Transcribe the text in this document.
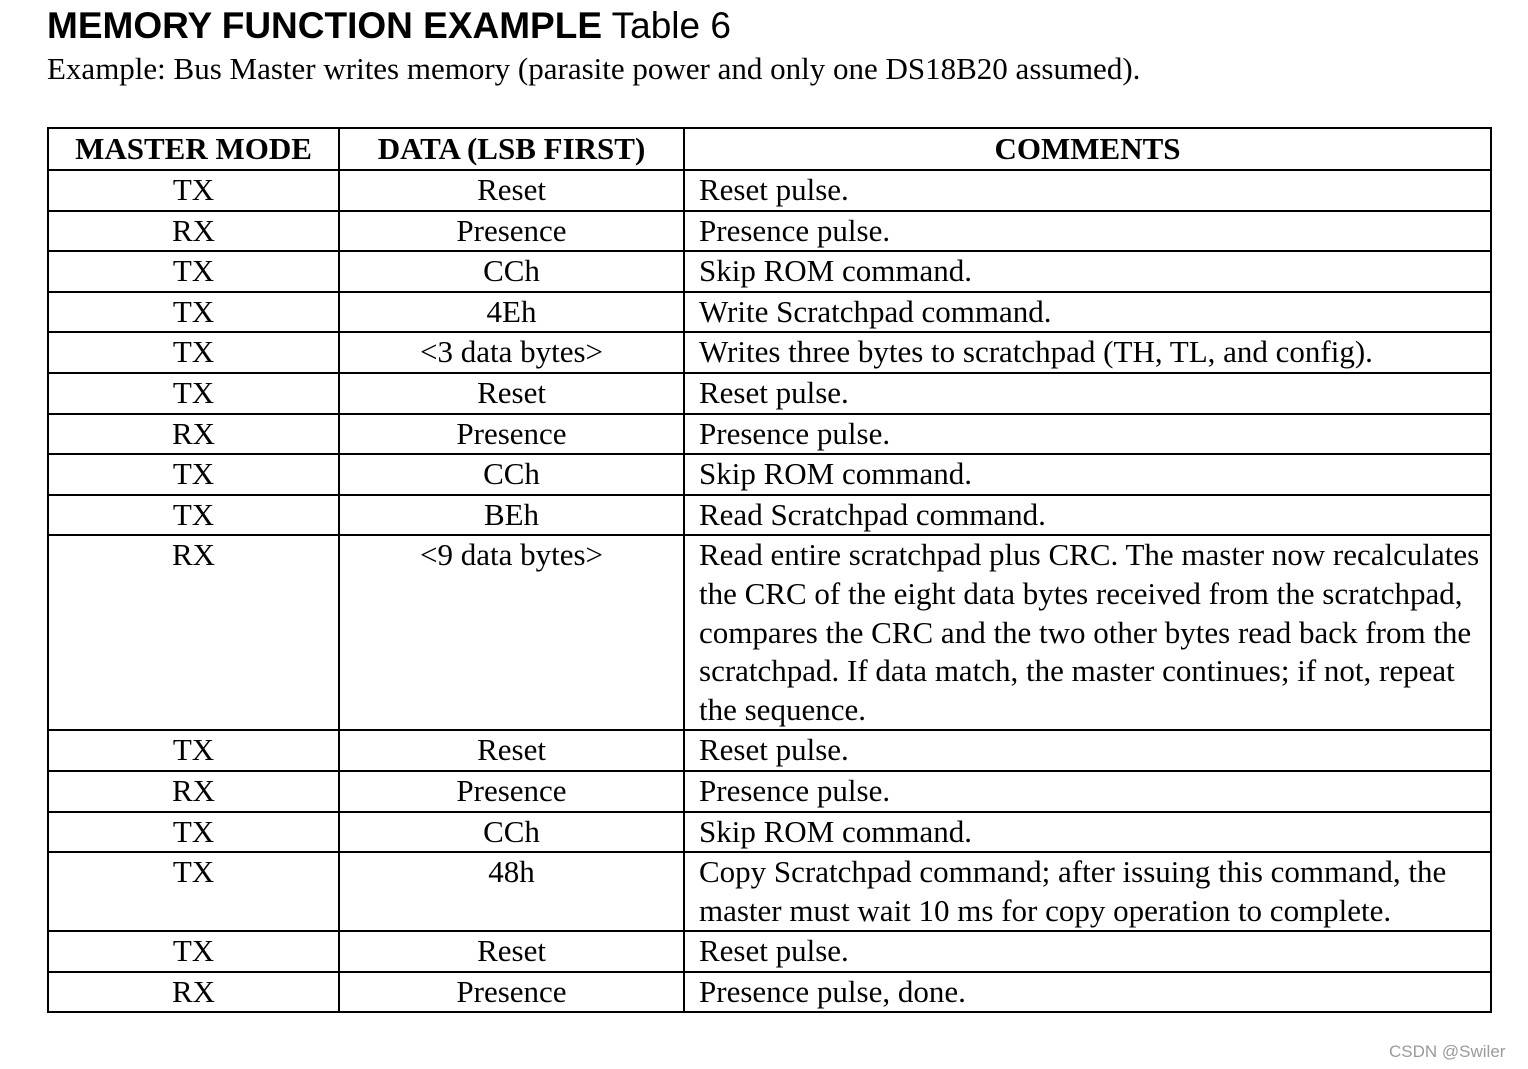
MEMORY FUNCTION EXAMPLE Table 6
Example: Bus Master writes memory (parasite power and only one DS18B20 assumed).
MASTER MODE	DATA (LSB FIRST)	COMMENTS
TX	Reset	Reset pulse.
RX	Presence	Presence pulse.
TX	CCh	Skip ROM command.
TX	4Eh	Write Scratchpad command.
TX	<3 data bytes>	Writes three bytes to scratchpad (TH, TL, and config).
TX	Reset	Reset pulse.
RX	Presence	Presence pulse.
TX	CCh	Skip ROM command.
TX	BEh	Read Scratchpad command.
RX	<9 data bytes>	Read entire scratchpad plus CRC. The master now recalculates the CRC of the eight data bytes received from the scratchpad, compares the CRC and the two other bytes read back from the scratchpad. If data match, the master continues; if not, repeat the sequence.
TX	Reset	Reset pulse.
RX	Presence	Presence pulse.
TX	CCh	Skip ROM command.
TX	48h	Copy Scratchpad command; after issuing this command, the master must wait 10 ms for copy operation to complete.
TX	Reset	Reset pulse.
RX	Presence	Presence pulse, done.
CSDN @Swiler
